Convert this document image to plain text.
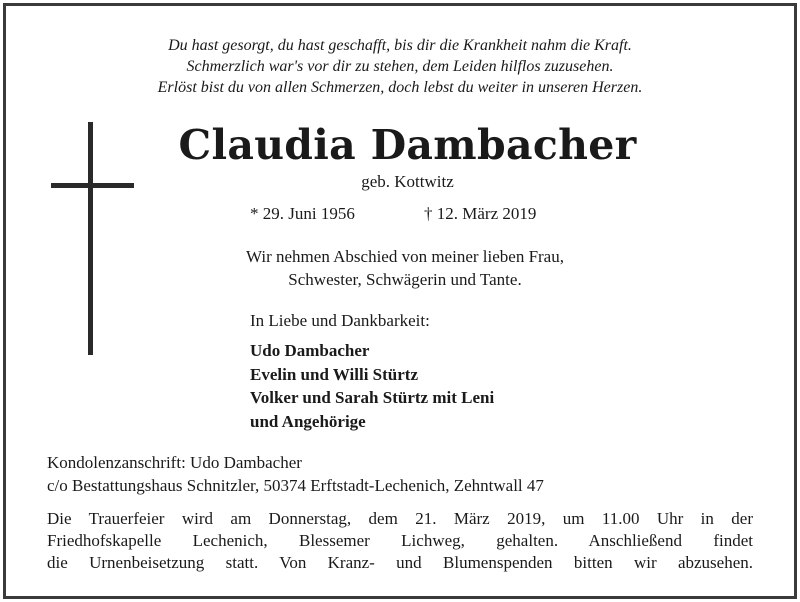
Du hast gesorgt, du hast geschafft, bis dir die Krankheit nahm die Kraft.
Schmerzlich war's vor dir zu stehen, dem Leiden hilflos zuzusehen.
Erlöst bist du von allen Schmerzen, doch lebst du weiter in unseren Herzen.
Claudia Dambacher
geb. Kottwitz
* 29. Juni 1956	† 12. März 2019
Wir nehmen Abschied von meiner lieben Frau,
Schwester, Schwägerin und Tante.
In Liebe und Dankbarkeit:
Udo Dambacher
Evelin und Willi Stürtz
Volker und Sarah Stürtz mit Leni
und Angehörige
Kondolenzanschrift: Udo Dambacher
c/o Bestattungshaus Schnitzler, 50374 Erftstadt-Lechenich, Zehntwall 47
Die Trauerfeier wird am Donnerstag, dem 21. März 2019, um 11.00 Uhr in der
Friedhofskapelle Lechenich, Blessemer Lichweg, gehalten. Anschließend findet
die Urnenbeisetzung statt. Von Kranz- und Blumenspenden bitten wir abzusehen.
